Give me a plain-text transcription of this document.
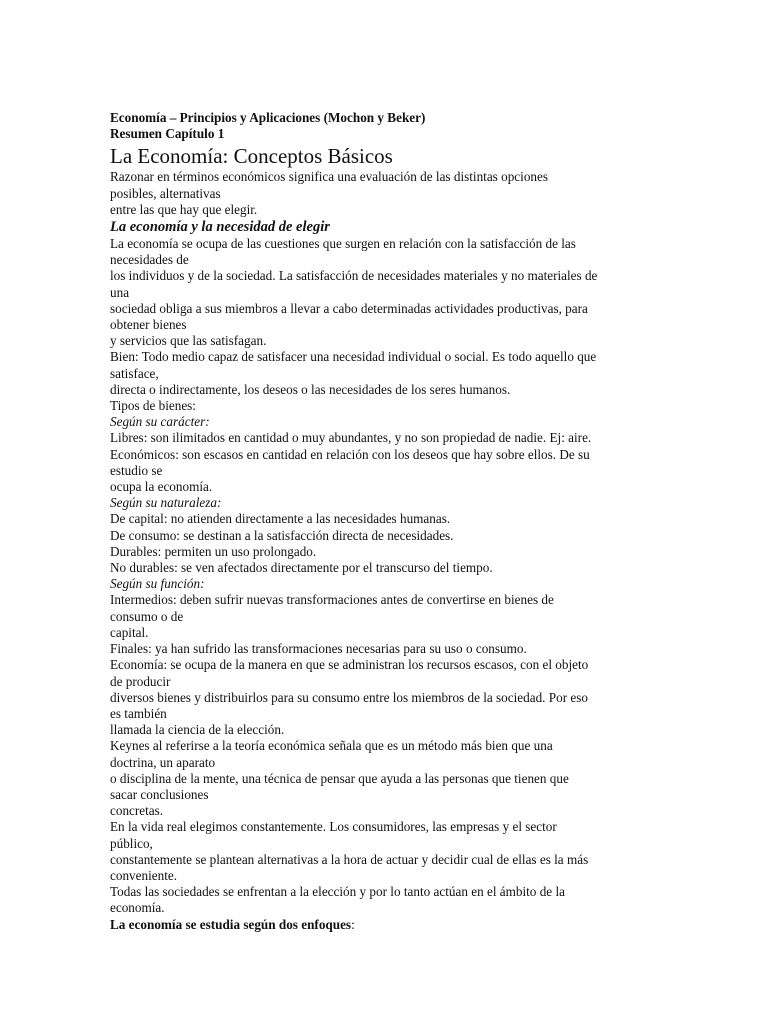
Economía – Principios y Aplicaciones (Mochon y Beker)
Resumen Capítulo 1
La Economía: Conceptos Básicos
Razonar en términos económicos significa una evaluación de las distintas opciones
posibles, alternativas
entre las que hay que elegir.
La economía y la necesidad de elegir
La economía se ocupa de las cuestiones que surgen en relación con la satisfacción de las
necesidades de
los individuos y de la sociedad. La satisfacción de necesidades materiales y no materiales de
una
sociedad obliga a sus miembros a llevar a cabo determinadas actividades productivas, para
obtener bienes
y servicios que las satisfagan.
Bien: Todo medio capaz de satisfacer una necesidad individual o social. Es todo aquello que
satisface,
directa o indirectamente, los deseos o las necesidades de los seres humanos.
Tipos de bienes:
Según su carácter:
Libres: son ilimitados en cantidad o muy abundantes, y no son propiedad de nadie. Ej: aire.
Económicos: son escasos en cantidad en relación con los deseos que hay sobre ellos. De su
estudio se
ocupa la economía.
Según su naturaleza:
De capital: no atienden directamente a las necesidades humanas.
De consumo: se destinan a la satisfacción directa de necesidades.
Durables: permiten un uso prolongado.
No durables: se ven afectados directamente por el transcurso del tiempo.
Según su función:
Intermedios: deben sufrir nuevas transformaciones antes de convertirse en bienes de
consumo o de
capital.
Finales: ya han sufrido las transformaciones necesarias para su uso o consumo.
Economía: se ocupa de la manera en que se administran los recursos escasos, con el objeto
de producir
diversos bienes y distribuirlos para su consumo entre los miembros de la sociedad. Por eso
es también
llamada la ciencia de la elección.
Keynes al referirse a la teoría económica señala que es un método más bien que una
doctrina, un aparato
o disciplina de la mente, una técnica de pensar que ayuda a las personas que tienen que
sacar conclusiones
concretas.
En la vida real elegimos constantemente. Los consumidores, las empresas y el sector
público,
constantemente se plantean alternativas a la hora de actuar y decidir cual de ellas es la más
conveniente.
Todas las sociedades se enfrentan a la elección y por lo tanto actúan en el ámbito de la
economía.
La economía se estudia según dos enfoques:
